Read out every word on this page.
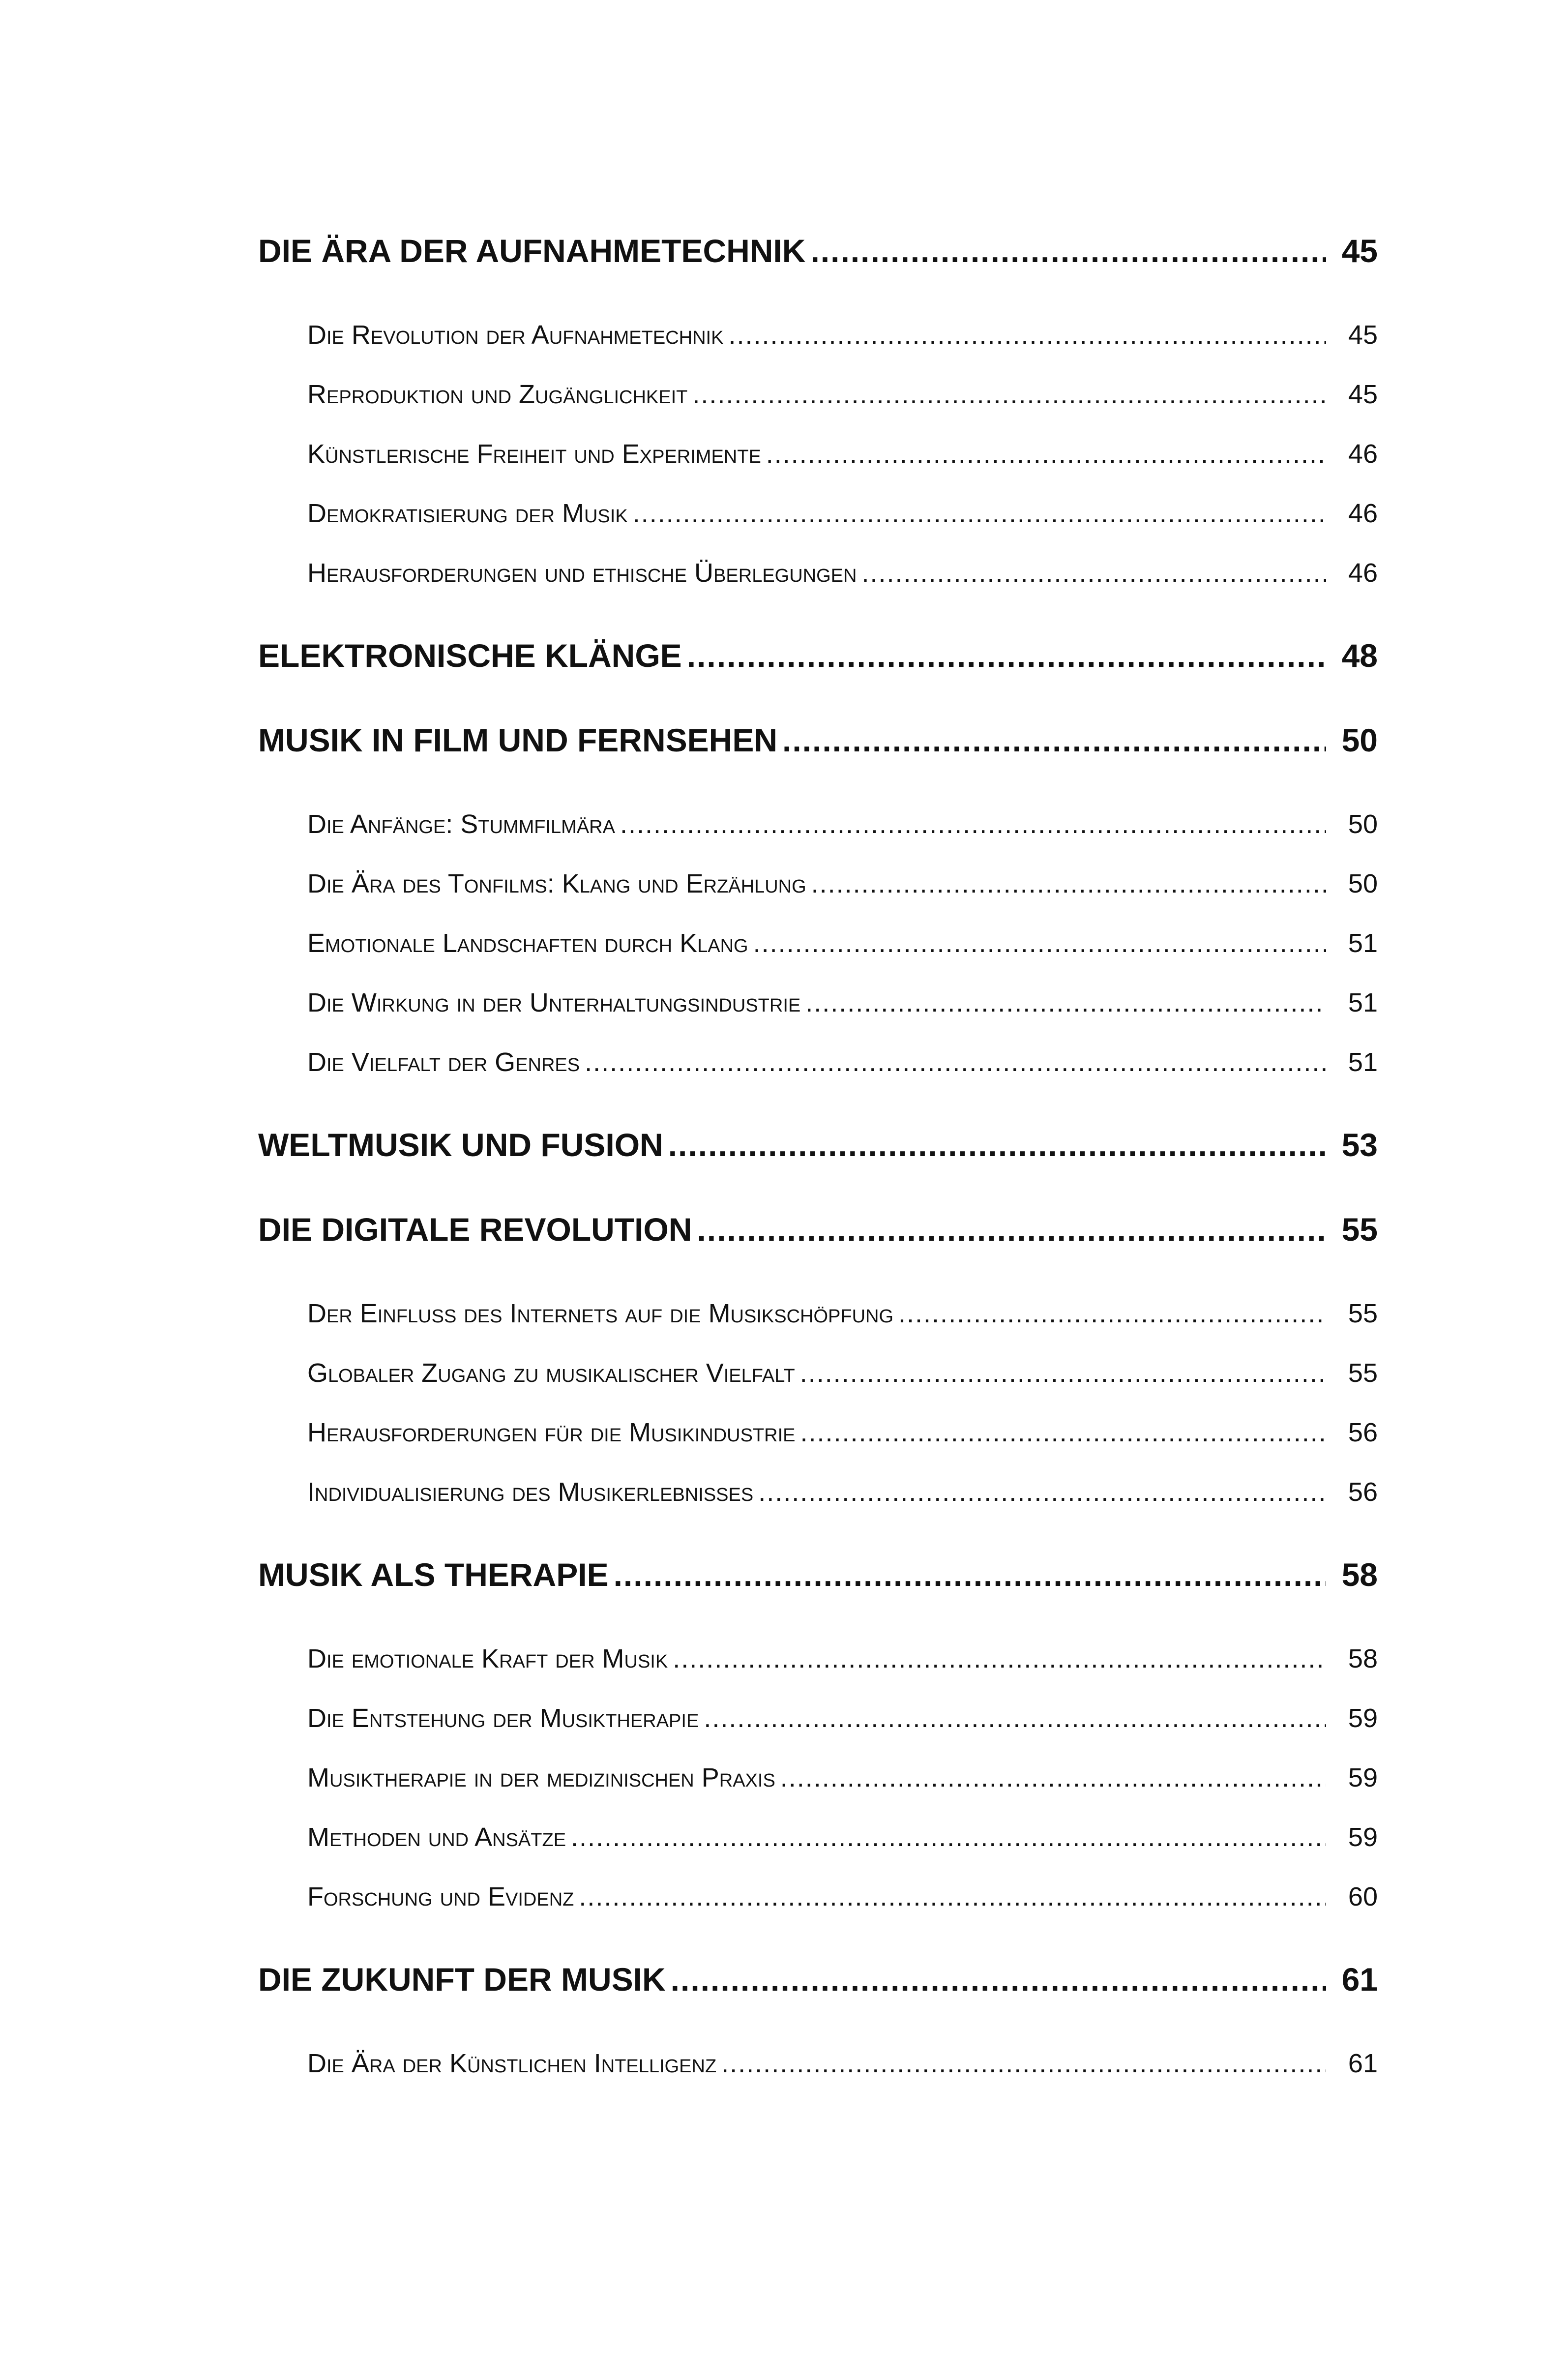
DIE ÄRA DER AUFNAHMETECHNIK .....	45
Die Revolution der Aufnahmetechnik .....	45
Reproduktion und Zugänglichkeit .....	45
Künstlerische Freiheit und Experimente .....	46
Demokratisierung der Musik .....	46
Herausforderungen und ethische Überlegungen .....	46
ELEKTRONISCHE KLÄNGE .....	48
MUSIK IN FILM UND FERNSEHEN .....	50
Die Anfänge: Stummfilmära .....	50
Die Ära des Tonfilms: Klang und Erzählung .....	50
Emotionale Landschaften durch Klang .....	51
Die Wirkung in der Unterhaltungsindustrie .....	51
Die Vielfalt der Genres .....	51
WELTMUSIK UND FUSION .....	53
DIE DIGITALE REVOLUTION .....	55
Der Einfluss des Internets auf die Musikschöpfung .....	55
Globaler Zugang zu musikalischer Vielfalt .....	55
Herausforderungen für die Musikindustrie .....	56
Individualisierung des Musikerlebnisses .....	56
MUSIK ALS THERAPIE .....	58
Die emotionale Kraft der Musik .....	58
Die Entstehung der Musiktherapie .....	59
Musiktherapie in der medizinischen Praxis .....	59
Methoden und Ansätze .....	59
Forschung und Evidenz .....	60
DIE ZUKUNFT DER MUSIK .....	61
Die Ära der Künstlichen Intelligenz .....	61
